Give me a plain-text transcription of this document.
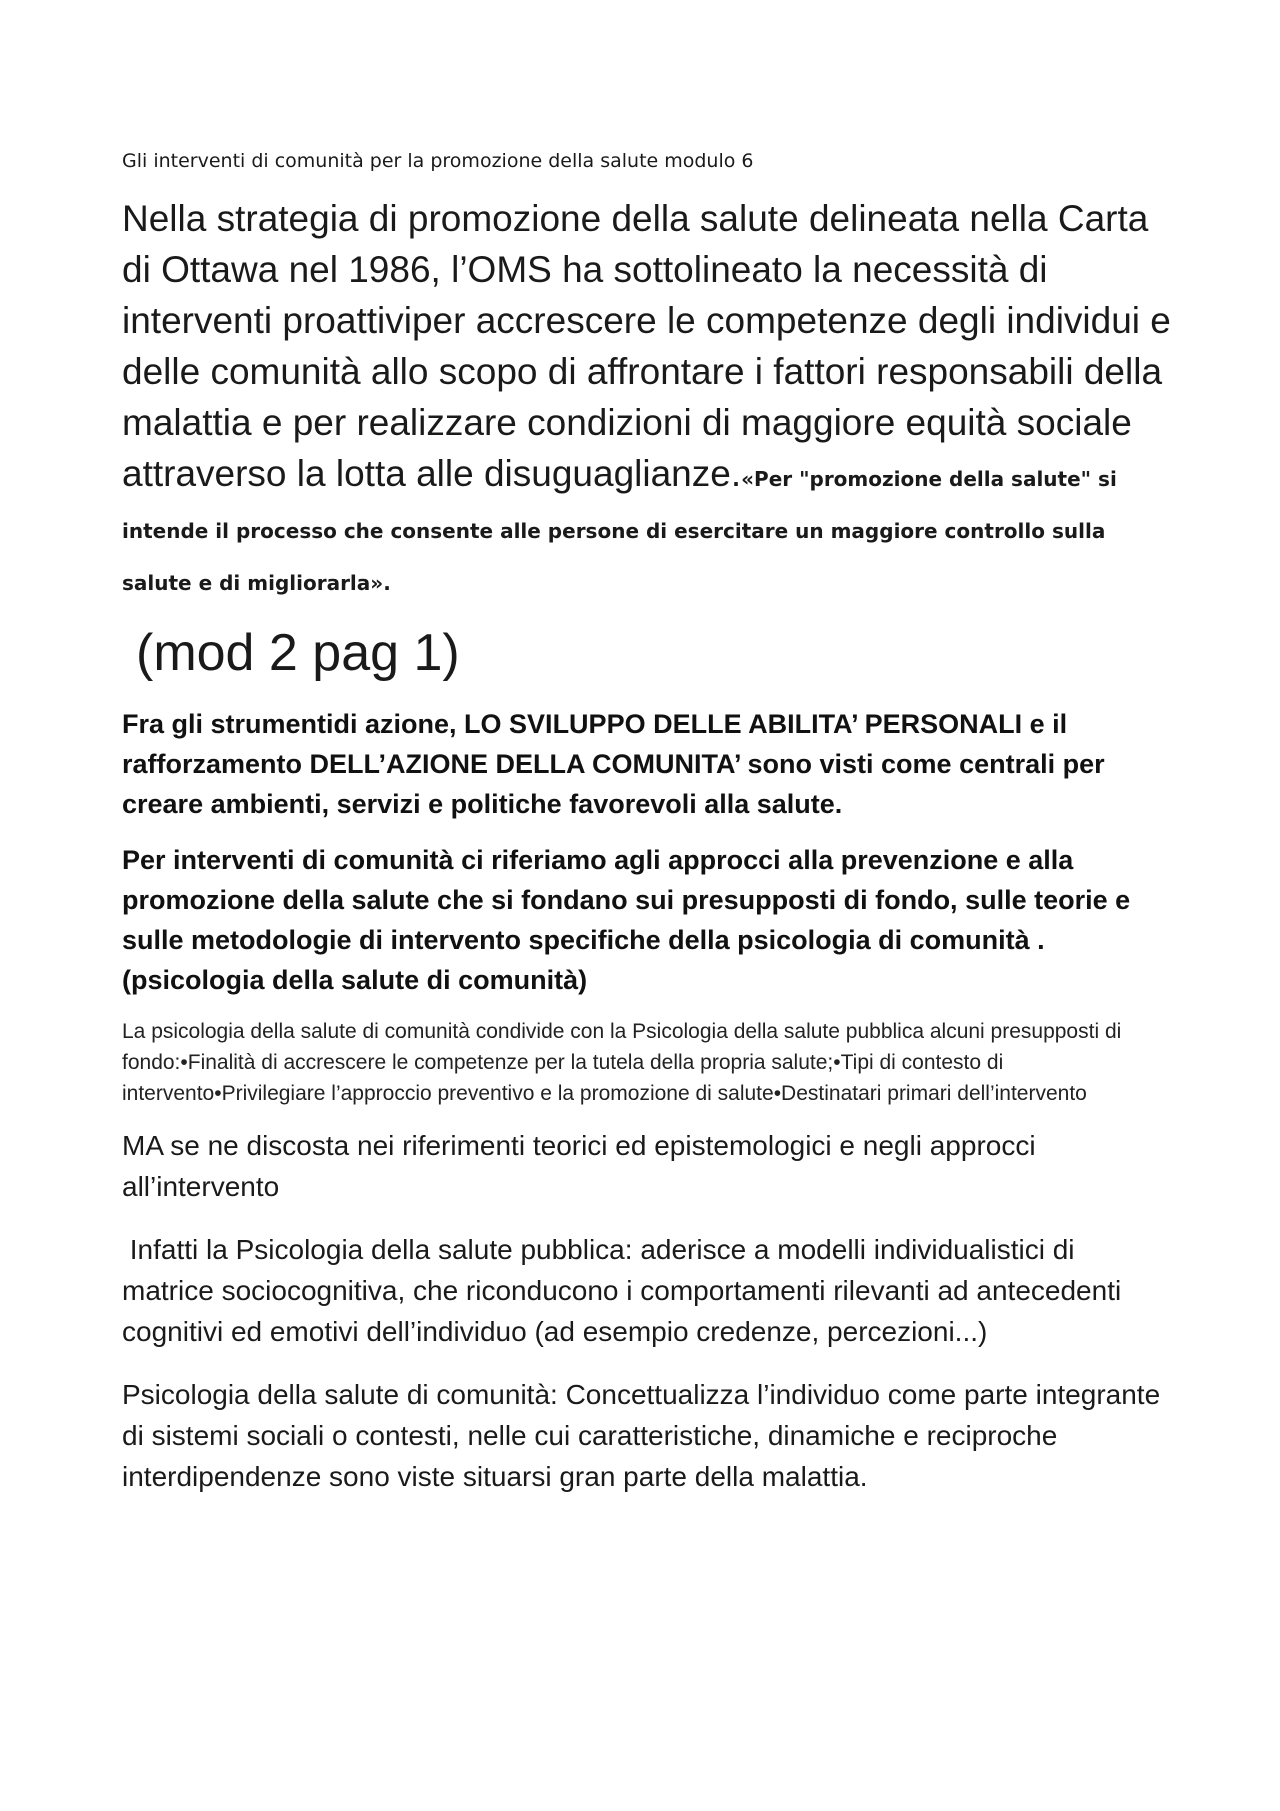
Gli interventi di comunità per la promozione della salute modulo 6

Nella strategia di promozione della salute delineata nella Carta di Ottawa nel 1986, l’OMS ha sottolineato la necessità di interventi proattiviper accrescere le competenze degli individui e delle comunità allo scopo di affrontare i fattori responsabili della malattia e per realizzare condizioni di maggiore equità sociale attraverso la lotta alle disuguaglianze.«Per "promozione della salute" si intende il processo che consente alle persone di esercitare un maggiore controllo sulla salute e di migliorarla».

(mod 2 pag 1)

Fra gli strumentidi azione, LO SVILUPPO DELLE ABILITA’ PERSONALI e il rafforzamento DELL’AZIONE DELLA COMUNITA’ sono visti come centrali per creare ambienti, servizi e politiche favorevoli alla salute.

Per interventi di comunità ci riferiamo agli approcci alla prevenzione e alla promozione della salute che si fondano sui presupposti di fondo, sulle teorie e sulle metodologie di intervento specifiche della psicologia di comunità . (psicologia della salute di comunità)

La psicologia della salute di comunità condivide con la Psicologia della salute pubblica alcuni presupposti di fondo:•Finalità di accrescere le competenze per la tutela della propria salute;•Tipi di contesto di intervento•Privilegiare l’approccio preventivo e la promozione di salute•Destinatari primari dell’intervento

MA se ne discosta nei riferimenti teorici ed epistemologici e negli approcci all’intervento

Infatti la Psicologia della salute pubblica: aderisce a modelli individualistici di matrice sociocognitiva, che riconducono i comportamenti rilevanti ad antecedenti cognitivi ed emotivi dell’individuo (ad esempio credenze, percezioni...)

Psicologia della salute di comunità: Concettualizza l’individuo come parte integrante di sistemi sociali o contesti, nelle cui caratteristiche, dinamiche e reciproche interdipendenze sono viste situarsi gran parte della malattia.
